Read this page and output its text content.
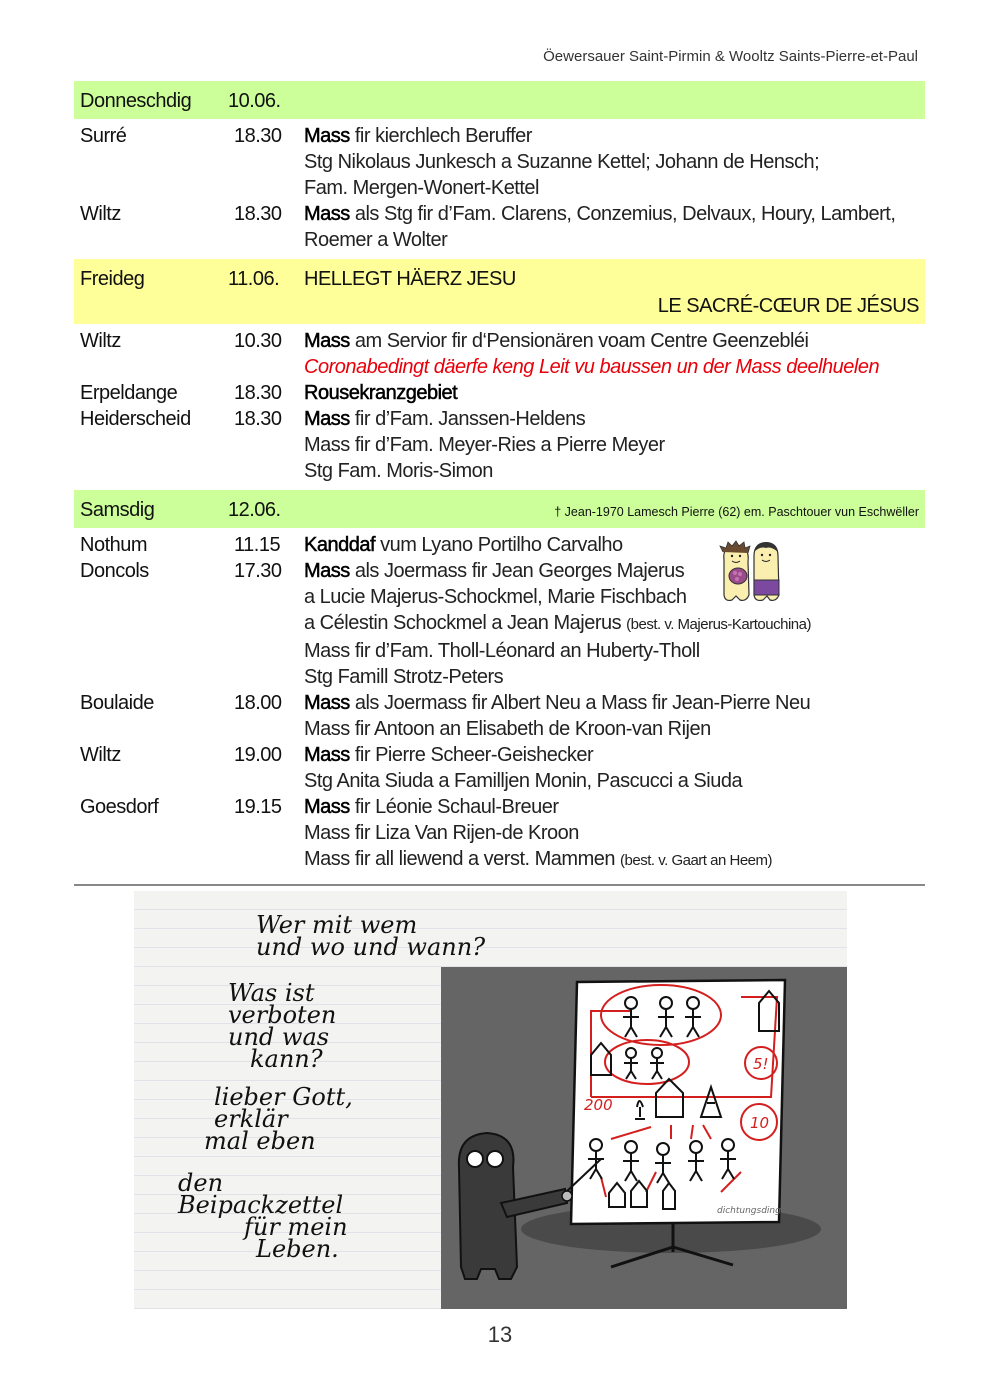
Öewersauer Saint-Pirmin & Wooltz Saints-Pierre-et-Paul
Donneschdig	10.06.
Surré	18.30	Mass fir kierchlech Beruffer
Stg Nikolaus Junkesch a Suzanne Kettel; Johann de Hensch;
Fam. Mergen-Wonert-Kettel
Wiltz	18.30	Mass als Stg fir d’Fam. Clarens, Conzemius, Delvaux, Houry, Lambert,
Roemer a Wolter
Freideg	11.06.	HELLEGT HÄERZ JESU
LE SACRÉ-CŒUR DE JÉSUS
Wiltz	10.30	Mass am Servior fir d‘Pensionären voam Centre Geenzebléi
Coronabedingt däerfe keng Leit vu baussen un der Mass deelhuelen
Erpeldange	18.30	Rousekranzgebiet
Heiderscheid	18.30	Mass fir d’Fam. Janssen-Heldens
Mass fir d’Fam. Meyer-Ries a Pierre Meyer
Stg Fam. Moris-Simon
Samsdig	12.06.	† Jean-1970 Lamesch Pierre (62) em. Paschtouer vun Eschwëller
Nothum	11.15	Kanddaf vum Lyano Portilho Carvalho
Doncols	17.30	Mass als Joermass fir Jean Georges Majerus
a Lucie Majerus-Schockmel, Marie Fischbach
a Célestin Schockmel a Jean Majerus (best. v. Majerus-Kartouchina)
Mass fir d’Fam. Tholl-Léonard an Huberty-Tholl
Stg Famill Strotz-Peters
Boulaide	18.00	Mass als Joermass fir Albert Neu a Mass fir Jean-Pierre Neu
Mass fir Antoon an Elisabeth de Kroon-van Rijen
Wiltz	19.00	Mass fir Pierre Scheer-Geishecker
Stg Anita Siuda a Familljen Monin, Pascucci a Siuda
Goesdorf	19.15	Mass fir Léonie Schaul-Breuer
Mass fir Liza Van Rijen-de Kroon
Mass fir all liewend a verst. Mammen (best. v. Gaart an Heem)
Wer mit wem
und wo und wann?
Was ist
verboten
und was
kann?
lieber Gott,
erklär
mal eben
den
Beipackzettel
für mein
Leben.
5!
200
10
dichtungsding
13
